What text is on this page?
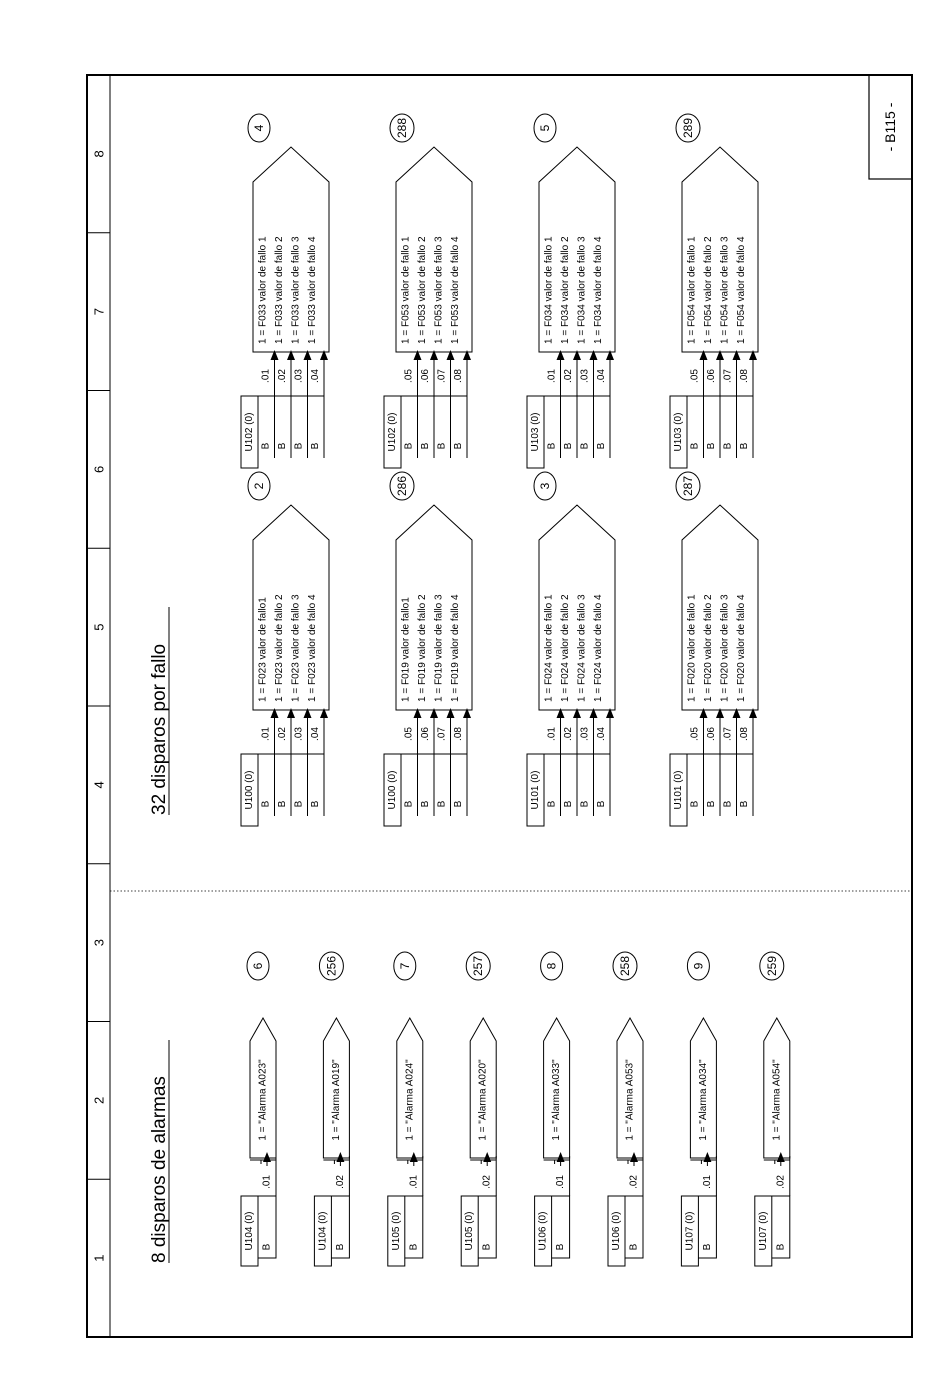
- B115 -
1
2
3
4
5
6
7
8
8 disparos de alarmas
32 disparos por fallo
U104 (0) B
.01
6
1 = "Alarma A023"
U104 (0) B
.02
256
1 = "Alarma A019"
U105 (0) B
.01
7
1 = "Alarma A024"
U105 (0) B
.02
257
1 = "Alarma A020"
U106 (0) B
.01
8
1 = "Alarma A033"
U106 (0) B
.02
258
1 = "Alarma A053"
U107 (0) B
.01
9
1 = "Alarma A034"
U107 (0) B
.02
259
1 = "Alarma A054"
U100 (0) B
.01
B
.02
B
.03
B
.04
2
1 = F023 valor de fallo1 1 = F023 valor de fallo 2 1 = F023 valor de fallo 3 1 = F023 valor de fallo 4
U100 (0) B
.05
B
.06
B
.07
B
.08
286
1 = F019 valor de fallo1 1 = F019 valor de fallo 2 1 = F019 valor de fallo 3 1 = F019 valor de fallo 4
U101 (0) B
.01
B
.02
B
.03
B
.04
3
1 = F024 valor de fallo 1 1 = F024 valor de fallo 2 1 = F024 valor de fallo 3 1 = F024 valor de fallo 4
U101 (0) B
.05
B
.06
B
.07
B
.08
287
1 = F020 valor de fallo 1 1 = F020 valor de fallo 2 1 = F020 valor de fallo 3 1 = F020 valor de fallo 4
U102 (0) B
.01
B
.02
B
.03
B
.04
4
1 = F033 valor de fallo 1 1 = F033 valor de fallo 2 1 = F033 valor de fallo 3 1 = F033 valor de fallo 4
U102 (0) B
.05
B
.06
B
.07
B
.08
288
1 = F053 valor de fallo 1 1 = F053 valor de fallo 2 1 = F053 valor de fallo 3 1 = F053 valor de fallo 4
U103 (0) B
.01
B
.02
B
.03
B
.04
5
1 = F034 valor de fallo 1 1 = F034 valor de fallo 2 1 = F034 valor de fallo 3 1 = F034 valor de fallo 4
U103 (0) B
.05
B
.06
B
.07
B
.08
289
1 = F054 valor de fallo 1 1 = F054 valor de fallo 2 1 = F054 valor de fallo 3 1 = F054 valor de fallo 4
